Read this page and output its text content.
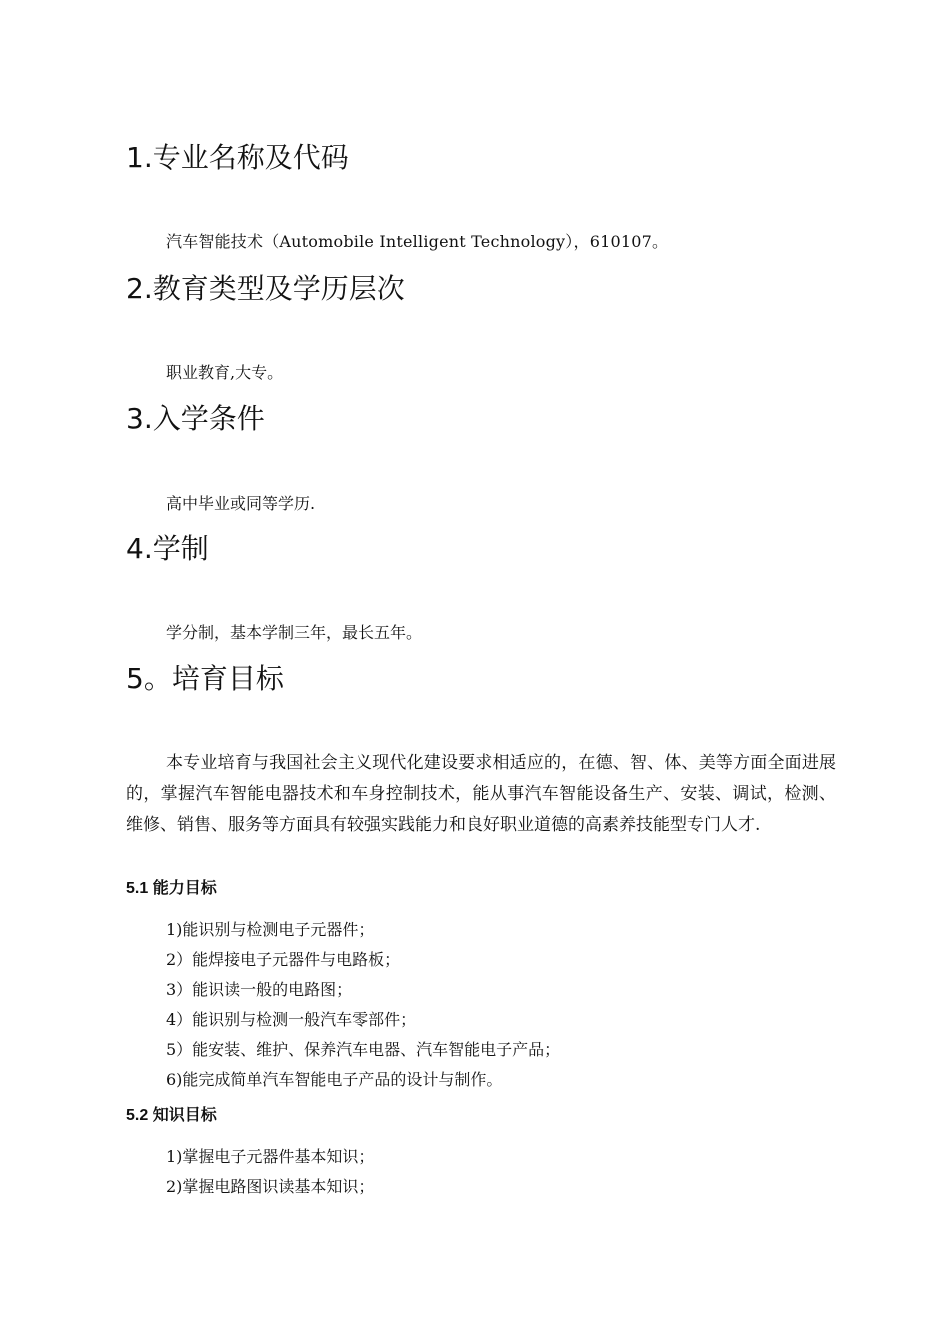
1.专业名称及代码
汽车智能技术（Automobile Intelligent Technology），610107。
2.教育类型及学历层次
职业教育,大专。
3.入学条件
高中毕业或同等学历.
4.学制
学分制，基本学制三年，最长五年。
5。培育目标
本专业培育与我国社会主义现代化建设要求相适应的，在德、智、体、美等方面全面进展的，掌握汽车智能电器技术和车身控制技术，能从事汽车智能设备生产、安装、调试，检测、维修、销售、服务等方面具有较强实践能力和良好职业道德的高素养技能型专门人才.
5.1 能力目标
1)能识别与检测电子元器件；
2）能焊接电子元器件与电路板；
3）能识读一般的电路图；
4）能识别与检测一般汽车零部件；
5）能安装、维护、保养汽车电器、汽车智能电子产品；
6)能完成简单汽车智能电子产品的设计与制作。
5.2 知识目标
1)掌握电子元器件基本知识；
2)掌握电路图识读基本知识；
